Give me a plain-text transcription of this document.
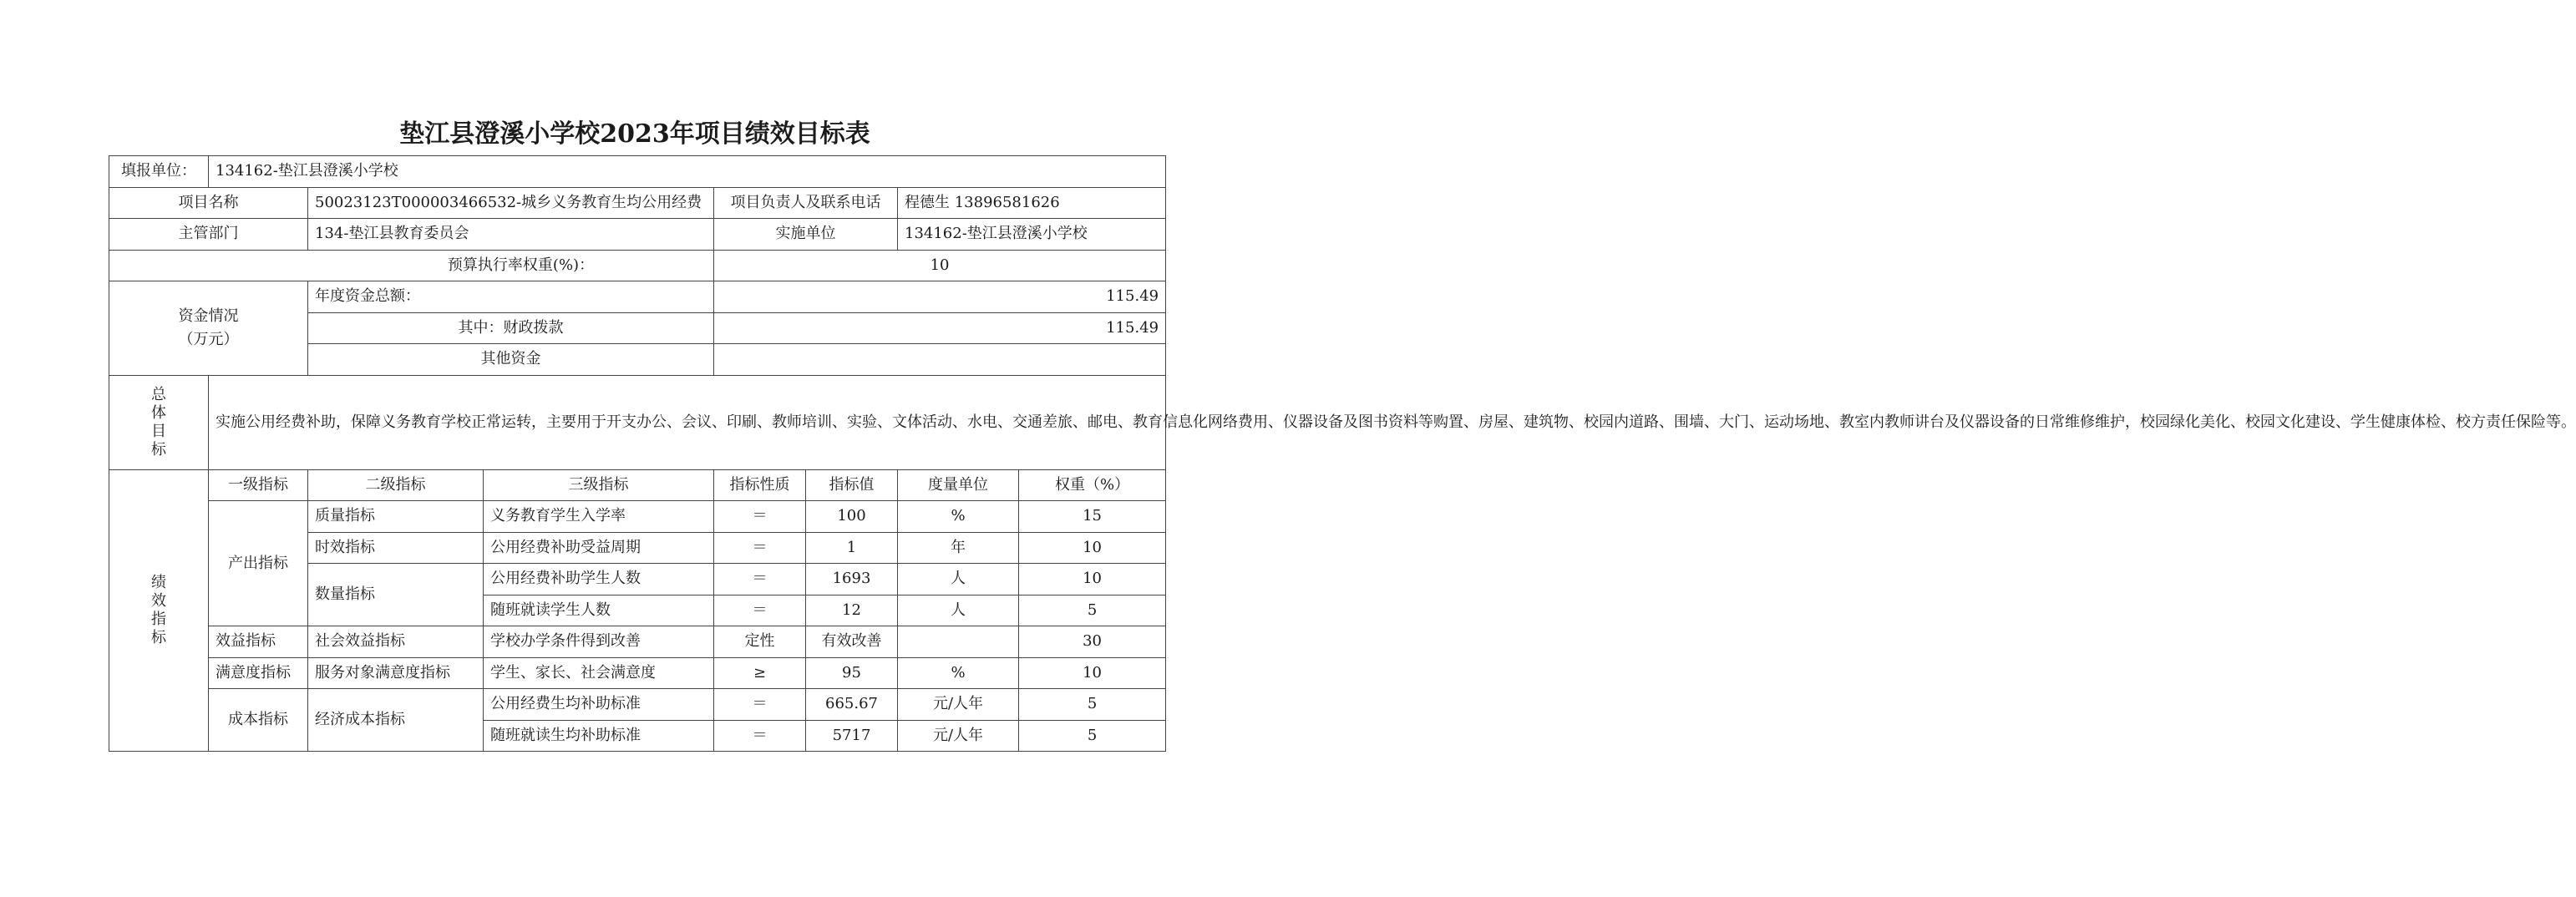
垫江县澄溪小学校2023年项目绩效目标表
填报单位：	134162-垫江县澄溪小学校						
项目名称		50023123T000003466532-城乡义务教育生均公用经费		项目负责人及联系电话		程德生 13896581626	
主管部门		134-垫江县教育委员会		实施单位		134162-垫江县澄溪小学校	
预算执行率权重(%)：				10			

资金情况
（万元）		年度资金总额：		115.49			
		其中：财政拨款		115.49			
		其他资金					

总
体
目
标	实施公用经费补助，保障义务教育学校正常运转，主要用于开支办公、会议、印刷、教师培训、实验、文体活动、水电、交通差旅、邮电、教育信息化网络费用、仪器设备及图书资料等购置、房屋、建筑物、校园内道路、围墙、大门、运动场地、教室内教师讲台及仪器设备的日常维修维护，校园绿化美化、校园文化建设、学生健康体检、校方责任保险等。						

绩
效
指
标	一级指标	二级指标	三级指标	指标性质	指标值	度量单位	权重（%）
	产出指标	质量指标	义务教育学生入学率	＝	100	%	15
		时效指标	公用经费补助受益周期	＝	1	年	10
		数量指标	公用经费补助学生人数	＝	1693	人	10
			随班就读学生人数	＝	12	人	5
	效益指标	社会效益指标	学校办学条件得到改善	定性	有效改善		30
	满意度指标	服务对象满意度指标	学生、家长、社会满意度	≥	95	%	10
	成本指标	经济成本指标	公用经费生均补助标准	＝	665.67	元/人年	5
			随班就读生均补助标准	＝	5717	元/人年	5
